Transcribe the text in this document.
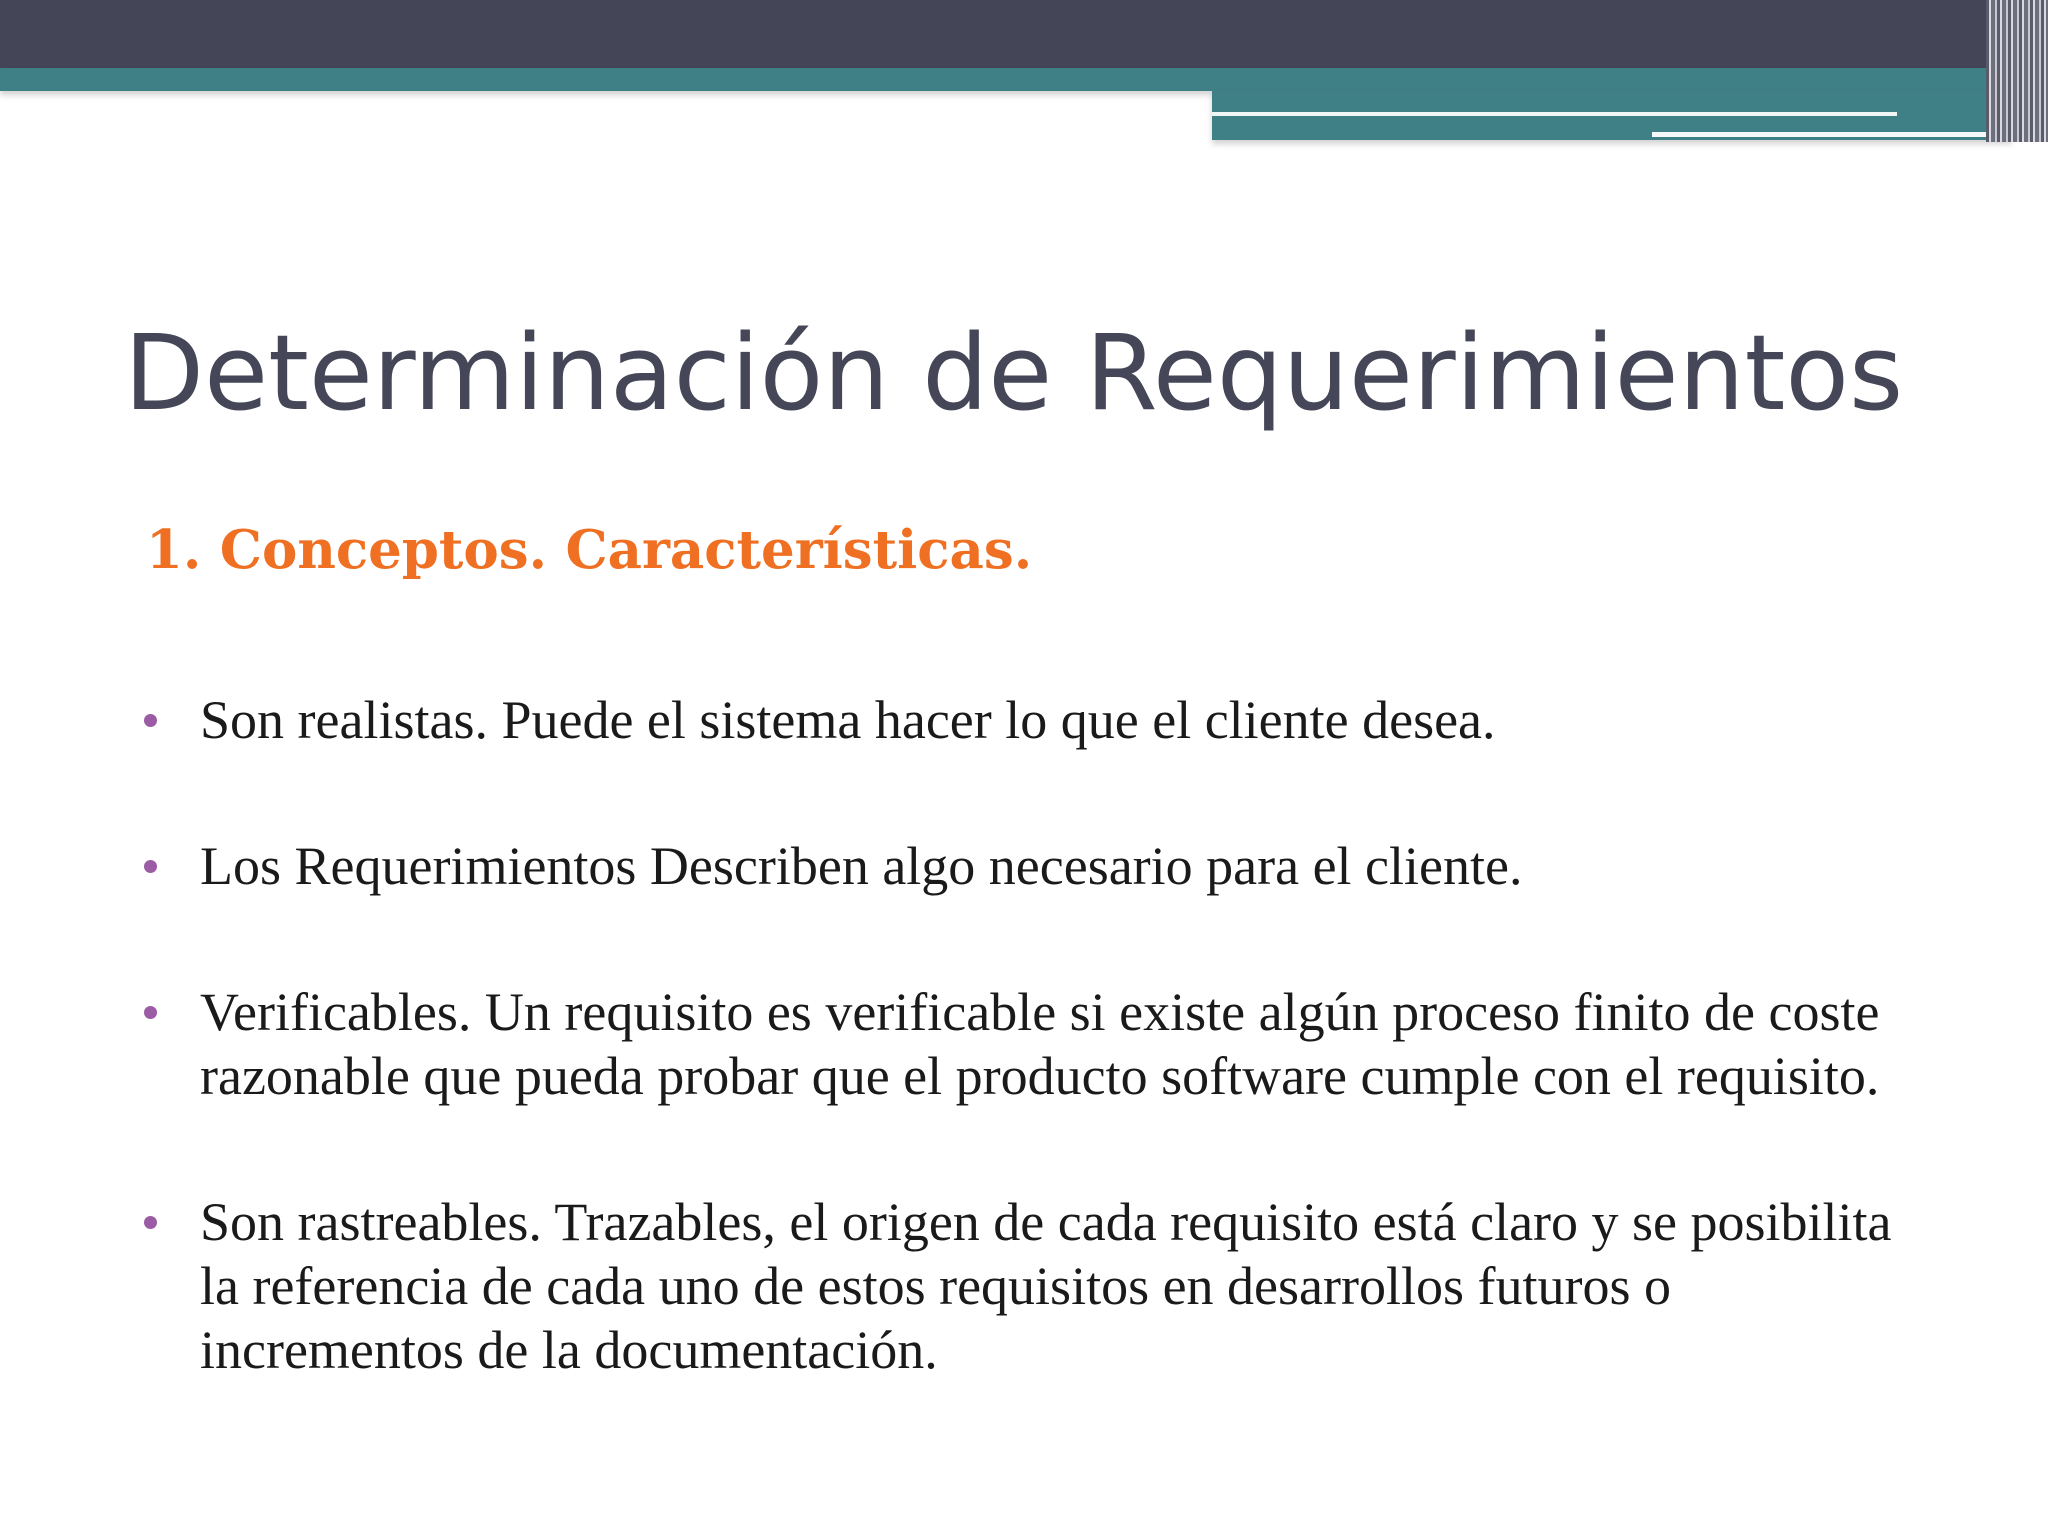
Determinación de Requerimientos
1. Conceptos. Características.
Son realistas. Puede el sistema hacer lo que el cliente desea.
Los Requerimientos Describen algo necesario para el cliente.
Verificables. Un requisito es verificable si existe algún proceso finito de coste razonable que pueda probar que el producto software cumple con el requisito.
Son rastreables. Trazables, el origen de cada requisito está claro y se posibilita la referencia de cada uno de estos requisitos en desarrollos futuros o incrementos de la documentación.
